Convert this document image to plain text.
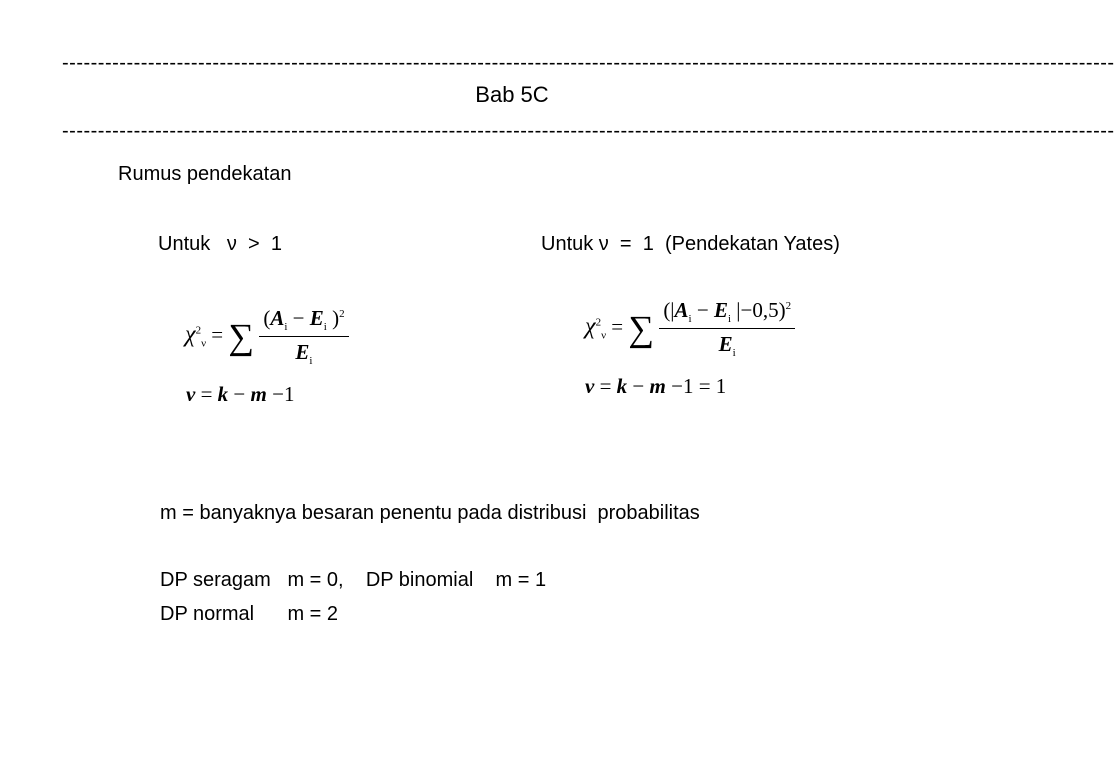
---------------------------------------------------------------------------------------------------------------------------------------------------
Bab 5C
---------------------------------------------------------------------------------------------------------------------------------------------------
Rumus pendekatan
Untuk   ν  >  1	Untuk ν  =  1  (Pendekatan Yates)
$\chi^2_\nu$ = ∑ $\frac{(A_i - E_i )^2}{E_i}$
ν = k − m −1
$\chi^2_\nu$ = ∑ $\frac{(|A_i - E_i |-0,5)^2}{E_i}$
ν = k − m −1 = 1
m = banyaknya besaran penentu pada distribusi  probabilitas
DP seragam   m = 0,    DP binomial    m = 1
DP normal      m = 2
